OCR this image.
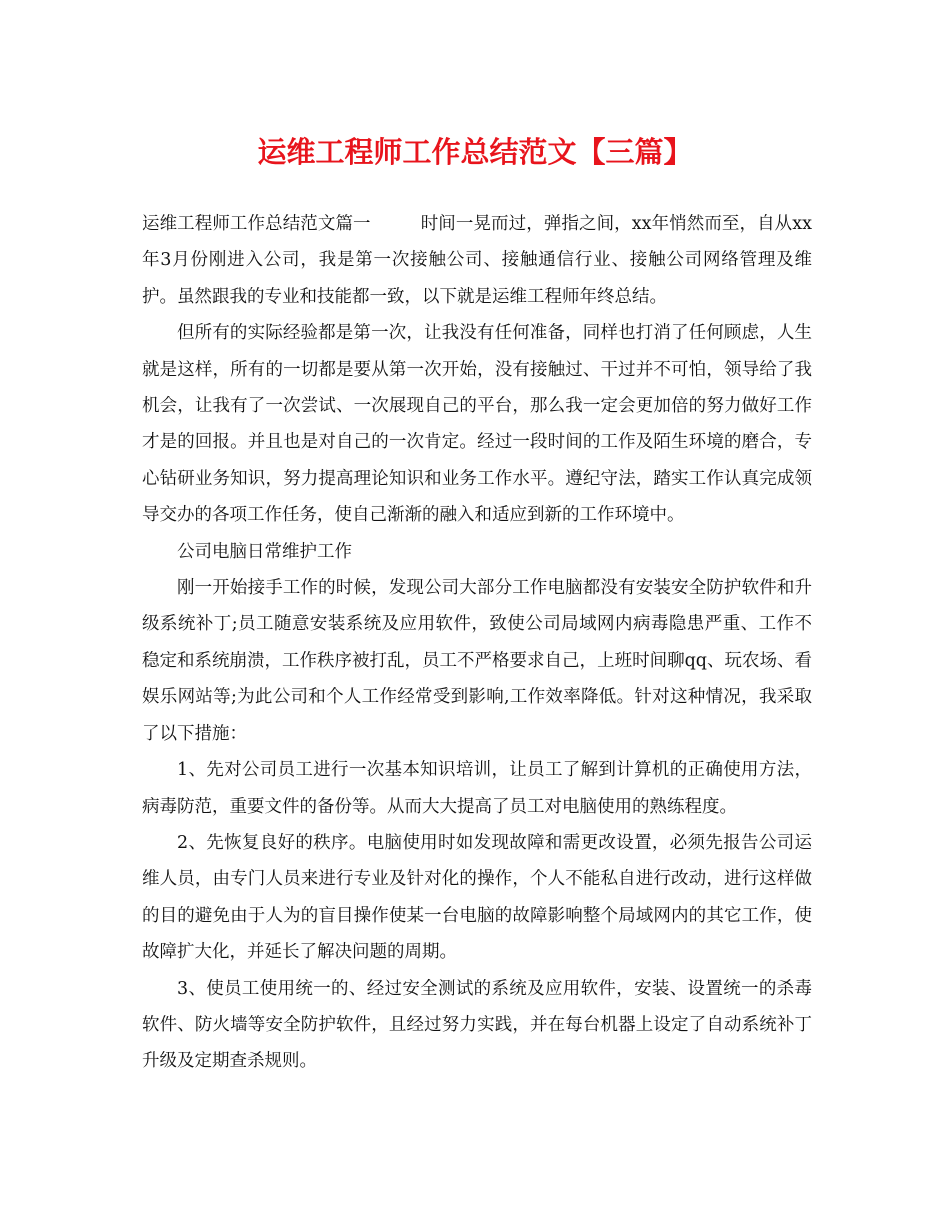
运维工程师工作总结范文【三篇】

运维工程师工作总结范文篇一	时间一晃而过，弹指之间，xx年悄然而至，自从xx年3月份刚进入公司，我是第一次接触公司、接触通信行业、接触公司网络管理及维护。虽然跟我的专业和技能都一致，以下就是运维工程师年终总结。

但所有的实际经验都是第一次，让我没有任何准备，同样也打消了任何顾虑，人生就是这样，所有的一切都是要从第一次开始，没有接触过、干过并不可怕，领导给了我机会，让我有了一次尝试、一次展现自己的平台，那么我一定会更加倍的努力做好工作才是的回报。并且也是对自己的一次肯定。经过一段时间的工作及陌生环境的磨合，专心钻研业务知识，努力提高理论知识和业务工作水平。遵纪守法，踏实工作认真完成领导交办的各项工作任务，使自己渐渐的融入和适应到新的工作环境中。

公司电脑日常维护工作

刚一开始接手工作的时候，发现公司大部分工作电脑都没有安装安全防护软件和升级系统补丁;员工随意安装系统及应用软件，致使公司局域网内病毒隐患严重、工作不稳定和系统崩溃，工作秩序被打乱，员工不严格要求自己，上班时间聊qq、玩农场、看娱乐网站等;为此公司和个人工作经常受到影响,工作效率降低。针对这种情况，我采取了以下措施：

1、先对公司员工进行一次基本知识培训，让员工了解到计算机的正确使用方法，病毒防范，重要文件的备份等。从而大大提高了员工对电脑使用的熟练程度。

2、先恢复良好的秩序。电脑使用时如发现故障和需更改设置，必须先报告公司运维人员，由专门人员来进行专业及针对化的操作，个人不能私自进行改动，进行这样做的目的避免由于人为的盲目操作使某一台电脑的故障影响整个局域网内的其它工作，使故障扩大化，并延长了解决问题的周期。

3、使员工使用统一的、经过安全测试的系统及应用软件，安装、设置统一的杀毒软件、防火墙等安全防护软件，且经过努力实践，并在每台机器上设定了自动系统补丁升级及定期查杀规则。
